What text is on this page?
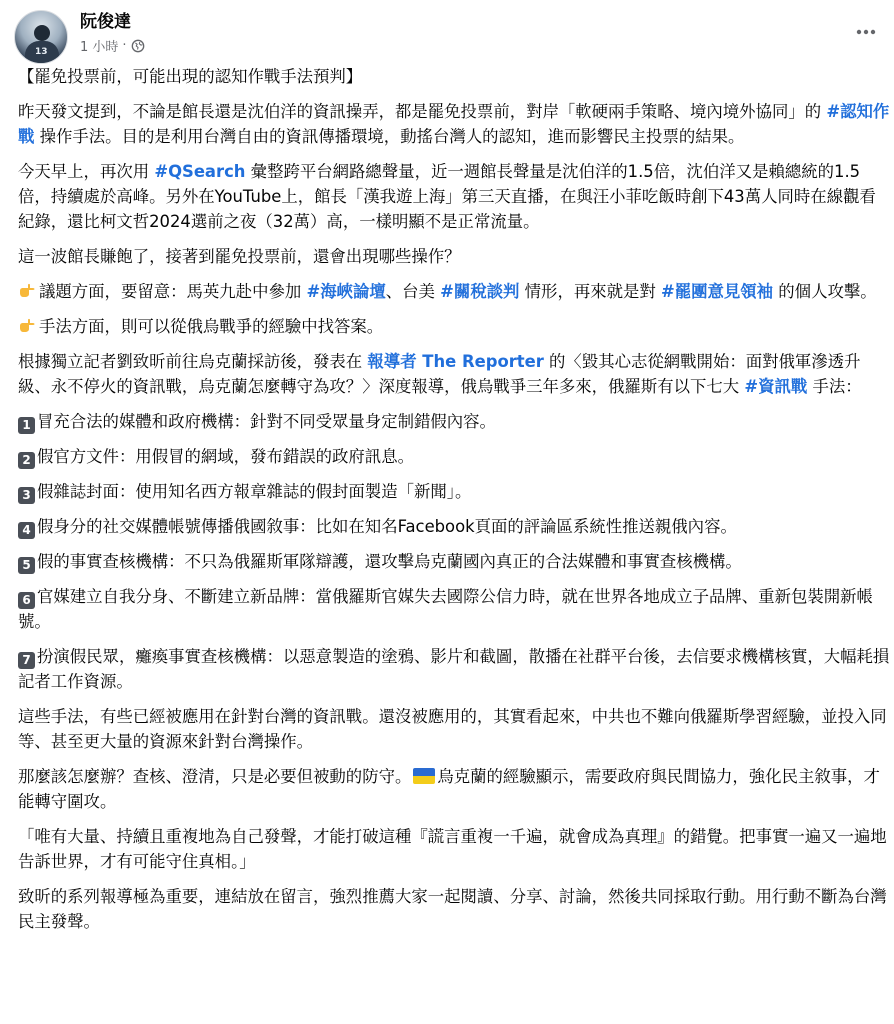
13
阮俊達
1 小時 ·

【罷免投票前，可能出現的認知作戰手法預判】

昨天發文提到，不論是館長還是沈伯洋的資訊操弄，都是罷免投票前，對岸「軟硬兩手策略、境內境外協同」的 #認知作戰 操作手法。目的是利用台灣自由的資訊傳播環境，動搖台灣人的認知，進而影響民主投票的結果。

今天早上，再次用 #QSearch 彙整跨平台網路總聲量，近一週館長聲量是沈伯洋的1.5倍，沈伯洋又是賴總統的1.5倍，持續處於高峰。另外在YouTube上，館長「漢我遊上海」第三天直播，在與汪小菲吃飯時創下43萬人同時在線觀看紀錄，還比柯文哲2024選前之夜（32萬）高，一樣明顯不是正常流量。

這一波館長賺飽了，接著到罷免投票前，還會出現哪些操作？

議題方面，要留意：馬英九赴中參加 #海峽論壇、台美 #關稅談判 情形，再來就是對 #罷團意見領袖 的個人攻擊。

手法方面，則可以從俄烏戰爭的經驗中找答案。

根據獨立記者劉致昕前往烏克蘭採訪後，發表在 報導者 The Reporter 的〈毀其心志從網戰開始：面對俄軍滲透升級、永不停火的資訊戰，烏克蘭怎麼轉守為攻？〉深度報導，俄烏戰爭三年多來，俄羅斯有以下七大 #資訊戰 手法：

1 冒充合法的媒體和政府機構：針對不同受眾量身定制錯假內容。

2 假官方文件：用假冒的網域，發布錯誤的政府訊息。

3 假雜誌封面：使用知名西方報章雜誌的假封面製造「新聞」。

4 假身分的社交媒體帳號傳播俄國敘事：比如在知名Facebook頁面的評論區系統性推送親俄內容。

5 假的事實查核機構：不只為俄羅斯軍隊辯護，還攻擊烏克蘭國內真正的合法媒體和事實查核機構。

6 官媒建立自我分身、不斷建立新品牌：當俄羅斯官媒失去國際公信力時，就在世界各地成立子品牌、重新包裝開新帳號。

7 扮演假民眾，癱瘓事實查核機構：以惡意製造的塗鴉、影片和截圖，散播在社群平台後，去信要求機構核實，大幅耗損記者工作資源。

這些手法，有些已經被應用在針對台灣的資訊戰。還沒被應用的，其實看起來，中共也不難向俄羅斯學習經驗，並投入同等、甚至更大量的資源來針對台灣操作。

那麼該怎麼辦？查核、澄清，只是必要但被動的防守。 烏克蘭的經驗顯示，需要政府與民間協力，強化民主敘事，才能轉守圍攻。

「唯有大量、持續且重複地為自己發聲，才能打破這種『謊言重複一千遍，就會成為真理』的錯覺。把事實一遍又一遍地告訴世界，才有可能守住真相。」

致昕的系列報導極為重要，連結放在留言，強烈推薦大家一起閱讀、分享、討論，然後共同採取行動。用行動不斷為台灣民主發聲。
